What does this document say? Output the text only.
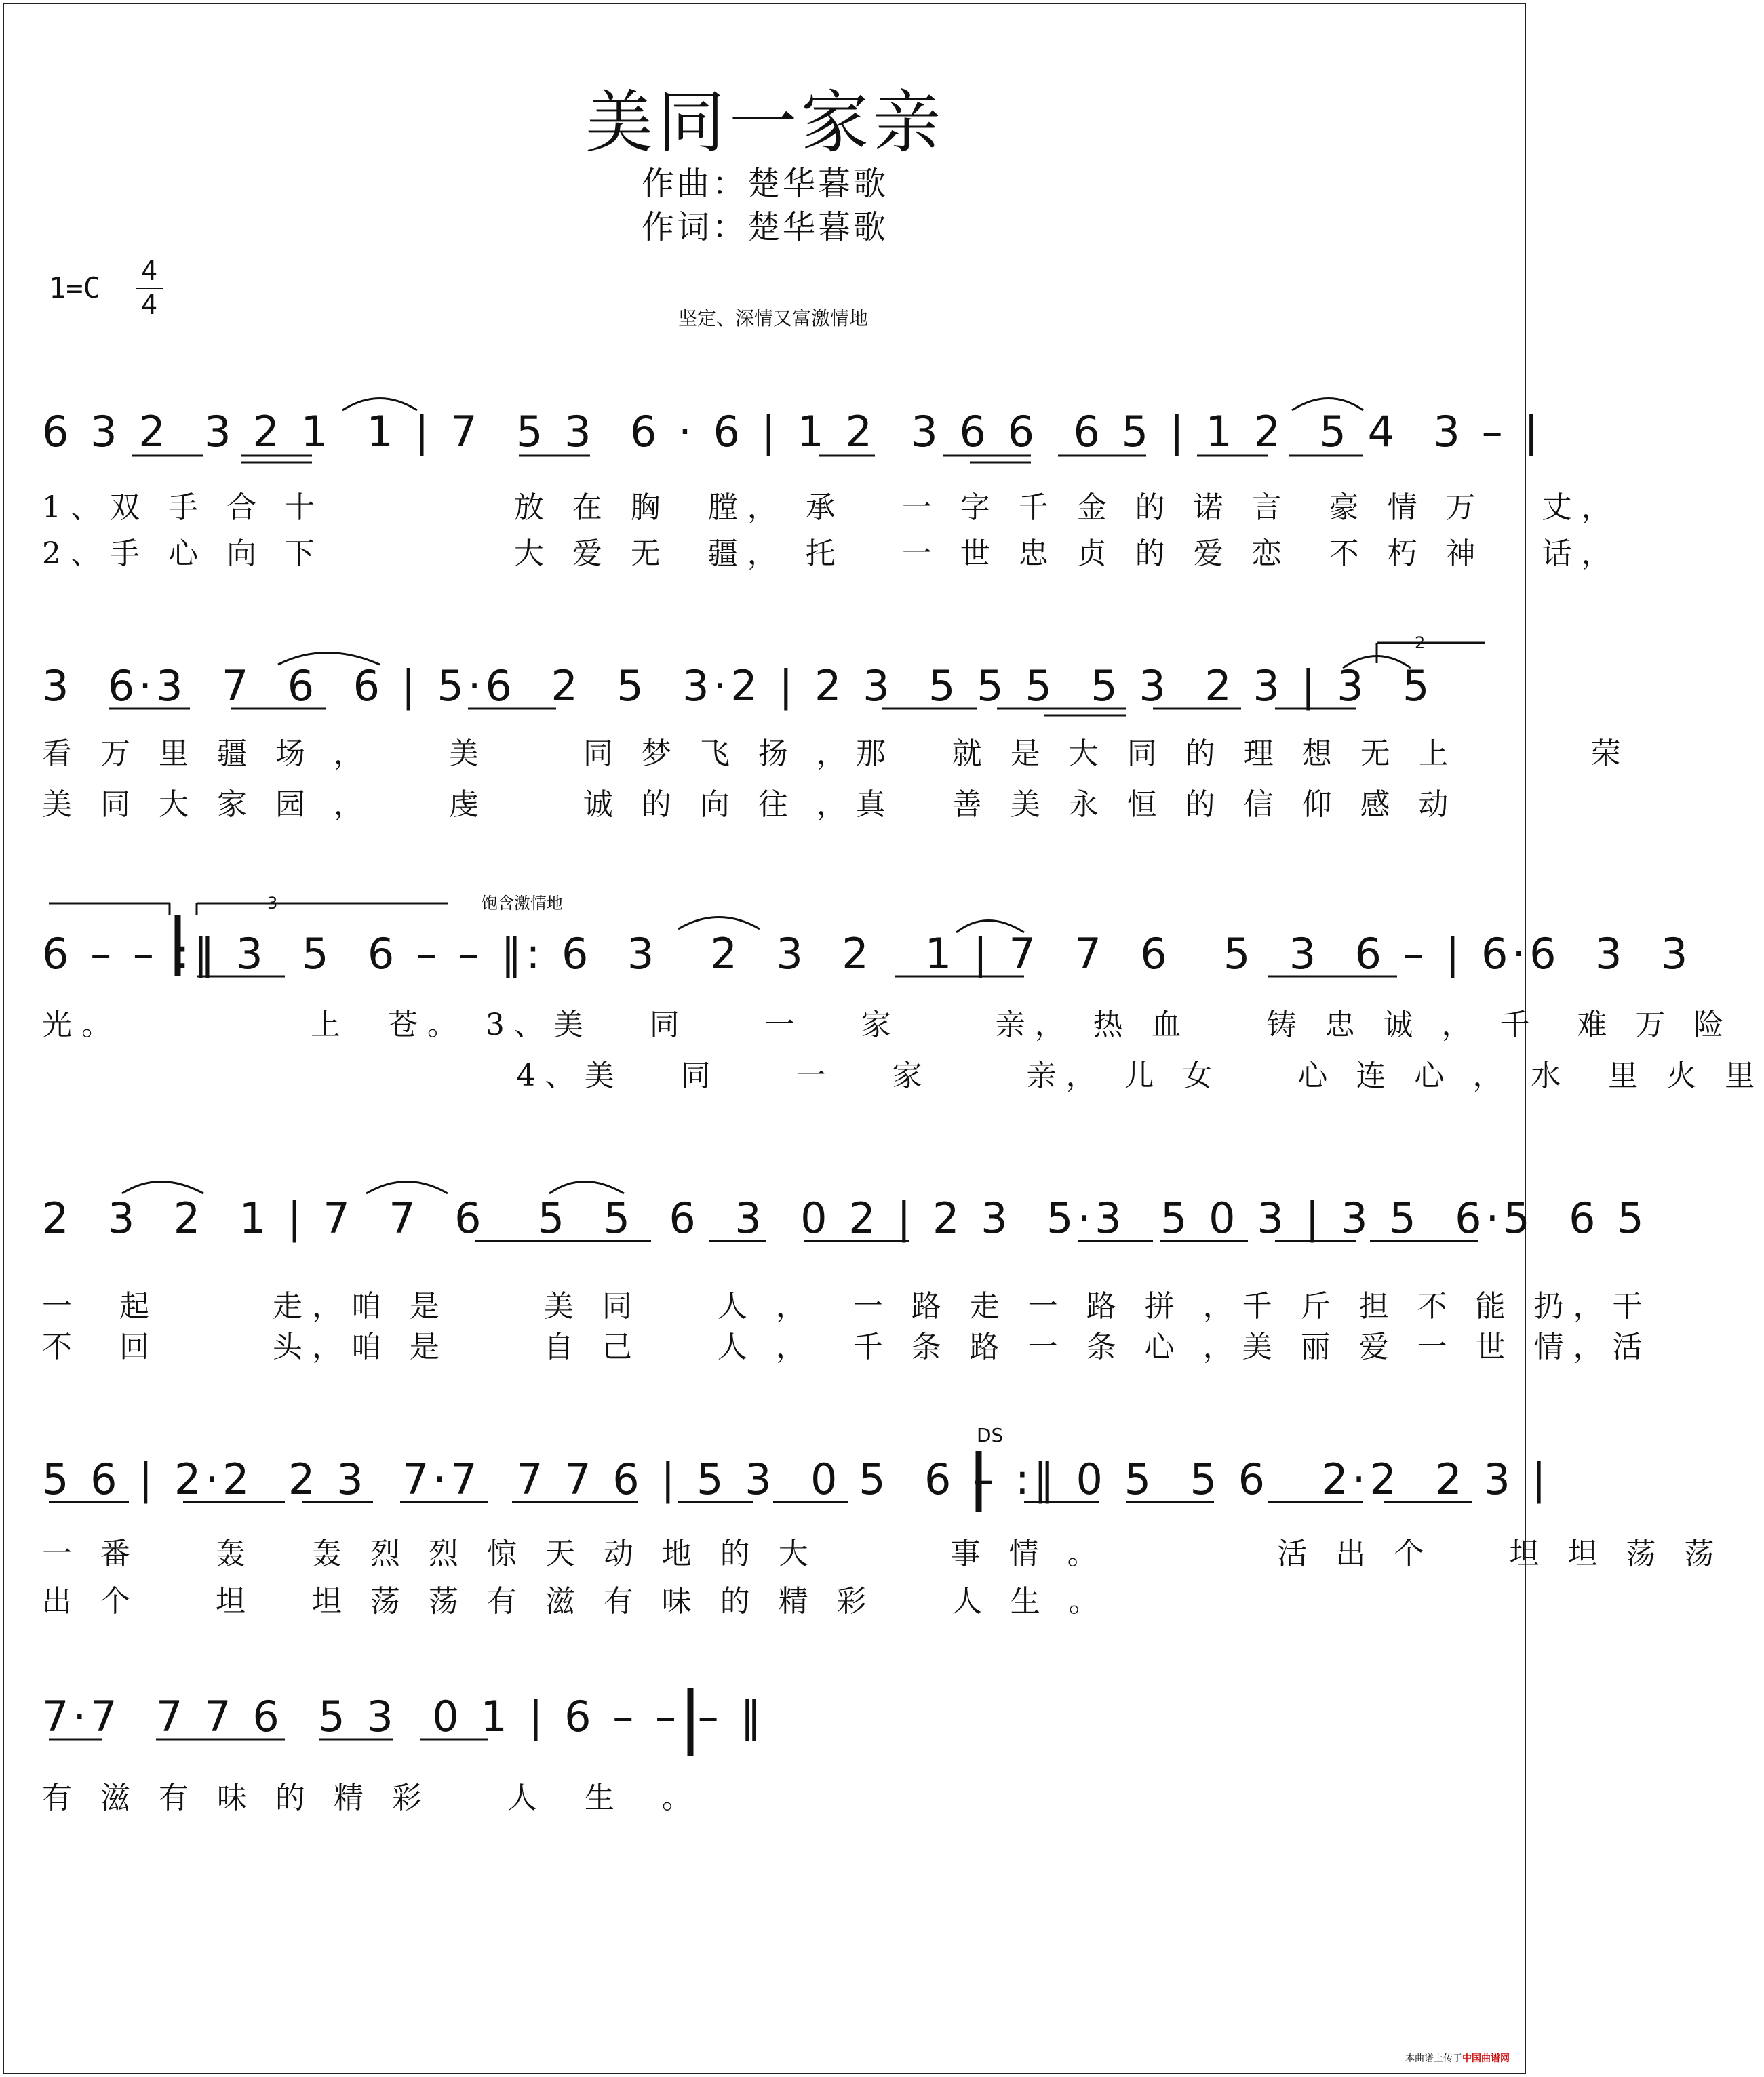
美同一家亲
作曲：楚华暮歌
作词：楚华暮歌
1=C 4
4	坚定、深情又富激情地
6 3 2  3 2 1  1 | 7  5 3  6 · 6 | 1 2  3 6 6  6 5 | 1 2  5 4  3 – |
1、双 手 合 十          放 在 胸  膛， 承   一 字 千 金 的 诺 言  豪 情 万   丈，
2、手 心 向 下          大 爱 无  疆， 托   一 世 忠 贞 的 爱 恋  不 朽 神   话，
3  6·3  7  6  6 | 5·6  2  5  3·2 | 2 3  5 5 5  5 3  2 3 | 3  5
看 万 里 疆 场 ，    美     同 梦 飞 扬 ，那   就 是 大 同 的 理 想 无 上       荣
美 同 大 家 园 ，    虔     诚 的 向 往 ，真   善 美 永 恒 的 信 仰 感 动
2
饱含激情地
3
6 – – :‖ 3  5  6 – – ‖: 6  3   2  3  2   1 | 7  7  6   5  3  6 – | 6·6  3  3
光。          上  苍。 3、美   同    一   家     亲， 热 血    铸 忠 诚 ， 千  难 万 险
4、美   同    一   家     亲， 儿 女    心 连 心 ， 水  里 火 里
2  3  2  1 | 7  7  6   5  5  6  3  0 2 | 2 3  5·3  5 0 3 | 3 5  6·5  6 5
一  起      走，咱 是     美 同    人 ，  一 路 走 一 路 拼 ，千 斤 担 不 能 扔，干
不  回      头，咱 是     自 己    人 ，  千 条 路 一 条 心 ，美 丽 爱 一 世 情，活
DS
5 6 | 2·2  2 3  7·7  7 7 6 | 5 3  0 5  6 – :‖ 0 5  5 6   2·2  2 3 |
一 番    轰   轰 烈 烈 惊 天 动 地 的 大       事 情 。         活 出 个    坦 坦 荡 荡
出 个    坦   坦 荡 荡 有 滋 有 味 的 精 彩    人 生 。
7·7  7 7 6  5 3  0 1 | 6 – – – ‖
有 滋 有 味 的 精 彩    人  生  。
本曲谱上传于中国曲谱网
